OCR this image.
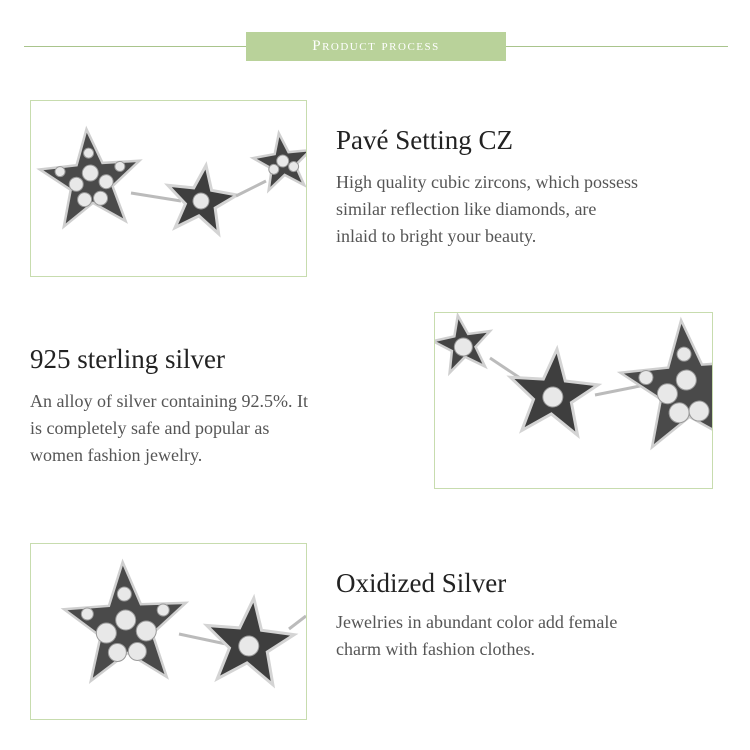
Product process
Pavé Setting CZ
High quality cubic zircons, which possess
similar reflection like diamonds, are
inlaid to bright your beauty.
925 sterling silver
An alloy of silver containing 92.5%. It
is completely safe and popular as
women fashion jewelry.
Oxidized Silver
Jewelries in abundant color add female
charm with fashion clothes.
